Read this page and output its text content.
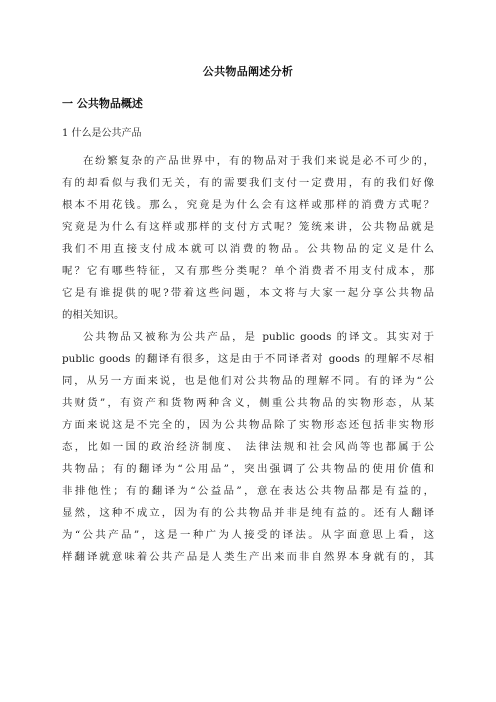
公共物品阐述分析
一 公共物品概述
1 什么是公共产品
在纷繁复杂的产品世界中，有的物品对于我们来说是必不可少的，
有的却看似与我们无关，有的需要我们支付一定费用，有的我们好像
根本不用花钱。那么，究竟是为什么会有这样或那样的消费方式呢？
究竟是为什么有这样或那样的支付方式呢？笼统来讲，公共物品就是
我们不用直接支付成本就可以消费的物品。公共物品的定义是什么
呢？它有哪些特征，又有那些分类呢？单个消费者不用支付成本，那
它是有谁提供的呢?带着这些问题，本文将与大家一起分享公共物品
的相关知识。
公共物品又被称为公共产品，是 public goods 的译文。其实对于
public goods 的翻译有很多，这是由于不同译者对 goods 的理解不尽相
同，从另一方面来说，也是他们对公共物品的理解不同。有的译为“公
共财货”，有资产和货物两种含义，侧重公共物品的实物形态，从某
方面来说这是不完全的，因为公共物品除了实物形态还包括非实物形
态，比如一国的政治经济制度、 法律法规和社会风尚等也都属于公
共物品；有的翻译为“公用品”，突出强调了公共物品的使用价值和
非排他性；有的翻译为“公益品”，意在表达公共物品都是有益的，
显然，这种不成立，因为有的公共物品并非是纯有益的。还有人翻译
为“公共产品”，这是一种广为人接受的译法。从字面意思上看，这
样翻译就意味着公共产品是人类生产出来而非自然界本身就有的，其
